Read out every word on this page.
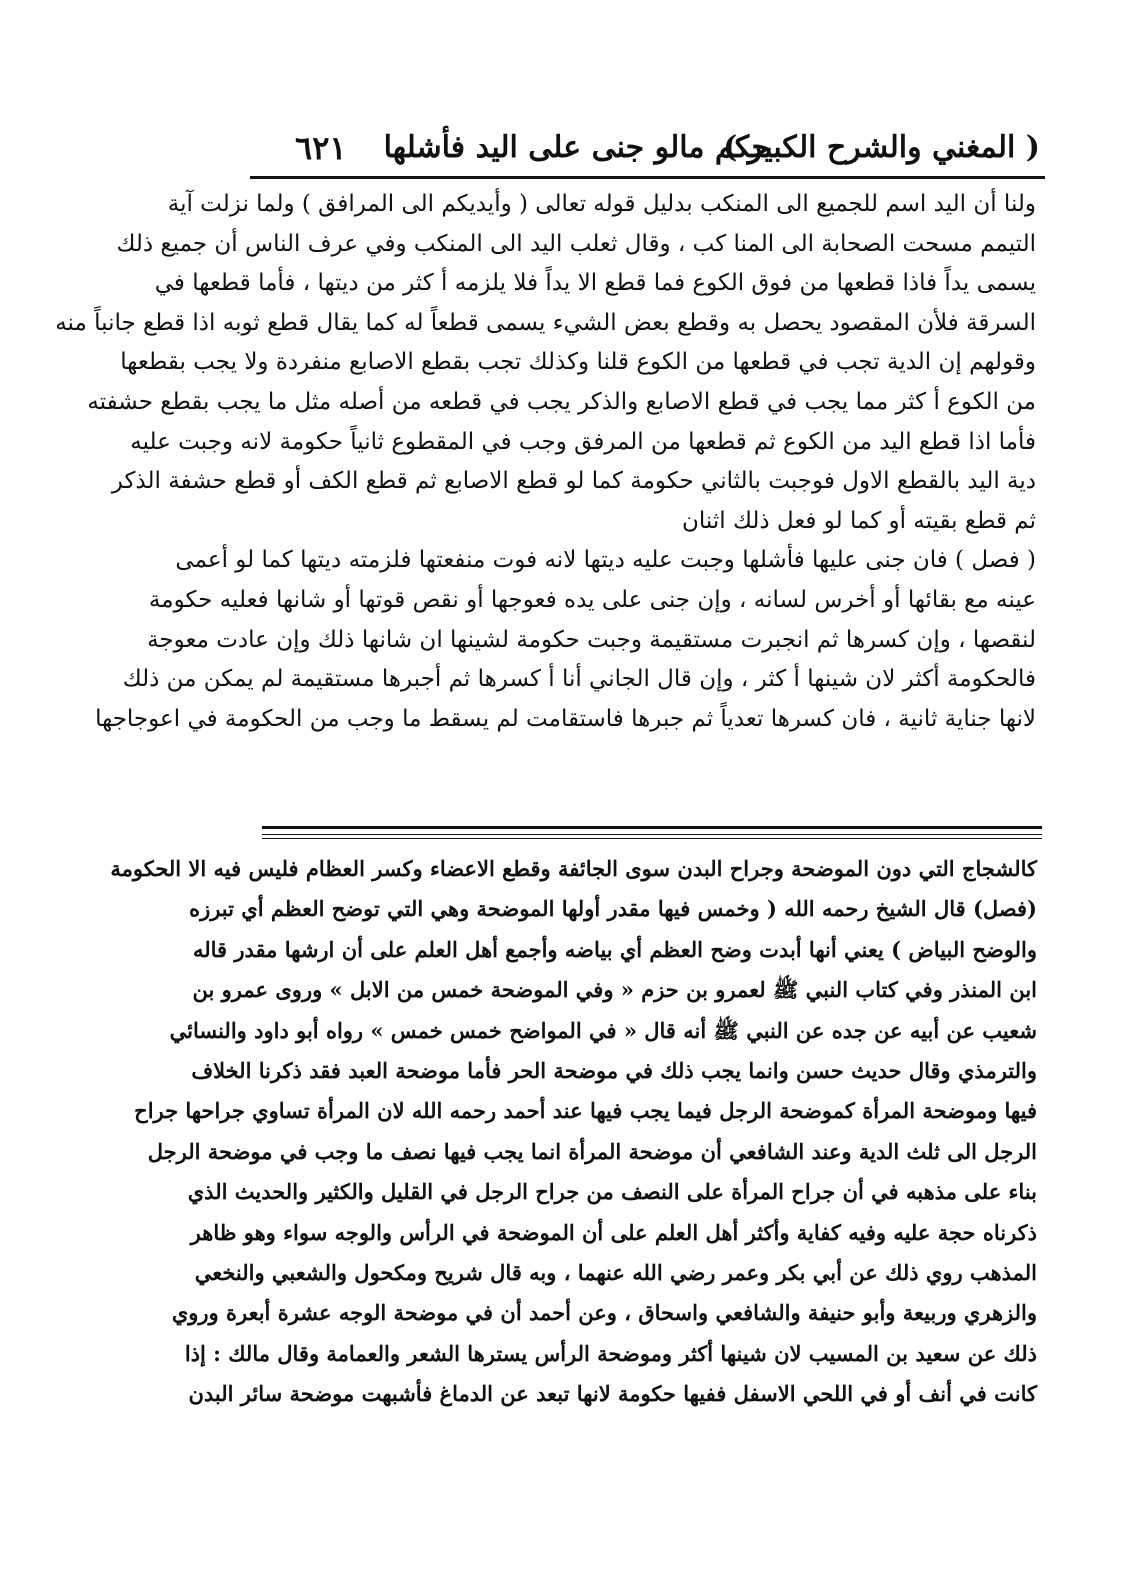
( المغني والشرح الكبير )
حكم مالو جنى على اليد فأشلها
٦٢١
ولنا أن اليد اسم للجميع الى المنكب بدليل قوله تعالى ( وأيديكم الى المرافق ) ولما نزلت آية
التيمم مسحت الصحابة الى المنا كب ، وقال ثعلب اليد الى المنكب وفي عرف الناس أن جميع ذلك
يسمى يداً فاذا قطعها من فوق الكوع فما قطع الا يداً فلا يلزمه أ كثر من ديتها ، فأما قطعها في
السرقة فلأن المقصود يحصل به وقطع بعض الشيء يسمى قطعاً له كما يقال قطع ثوبه اذا قطع جانباً منه
وقولهم إن الدية تجب في قطعها من الكوع قلنا وكذلك تجب بقطع الاصابع منفردة ولا يجب بقطعها
من الكوع أ كثر مما يجب في قطع الاصابع والذكر يجب في قطعه من أصله مثل ما يجب بقطع حشفته
فأما اذا قطع اليد من الكوع ثم قطعها من المرفق وجب في المقطوع ثانياً حكومة لانه وجبت عليه
دية اليد بالقطع الاول فوجبت بالثاني حكومة كما لو قطع الاصابع ثم قطع الكف أو قطع حشفة الذكر
ثم قطع بقيته أو كما لو فعل ذلك اثنان
( فصل ) فان جنى عليها فأشلها وجبت عليه ديتها لانه فوت منفعتها فلزمته ديتها كما لو أعمى
عينه مع بقائها أو أخرس لسانه ، وإن جنى على يده فعوجها أو نقص قوتها أو شانها فعليه حكومة
لنقصها ، وإن كسرها ثم انجبرت مستقيمة وجبت حكومة لشينها ان شانها ذلك وإن عادت معوجة
فالحكومة أكثر لان شينها أ كثر ، وإن قال الجاني أنا أ كسرها ثم أجبرها مستقيمة لم يمكن من ذلك
لانها جناية ثانية ، فان كسرها تعدياً ثم جبرها فاستقامت لم يسقط ما وجب من الحكومة في اعوجاجها
كالشجاج التي دون الموضحة وجراح البدن سوى الجائفة وقطع الاعضاء وكسر العظام فليس فيه الا الحكومة
(فصل) قال الشيخ رحمه الله ( وخمس فيها مقدر أولها الموضحة وهي التي توضح العظم أي تبرزه
والوضح البياض ) يعني أنها أبدت وضح العظم أي بياضه وأجمع أهل العلم على أن ارشها مقدر قاله
ابن المنذر وفي كتاب النبي ﷺ لعمرو بن حزم « وفي الموضحة خمس من الابل » وروى عمرو بن
شعيب عن أبيه عن جده عن النبي ﷺ أنه قال « في المواضح خمس خمس » رواه أبو داود والنسائي
والترمذي وقال حديث حسن وانما يجب ذلك في موضحة الحر فأما موضحة العبد فقد ذكرنا الخلاف
فيها وموضحة المرأة كموضحة الرجل فيما يجب فيها عند أحمد رحمه الله لان المرأة تساوي جراحها جراح
الرجل الى ثلث الدية وعند الشافعي أن موضحة المرأة انما يجب فيها نصف ما وجب في موضحة الرجل
بناء على مذهبه في أن جراح المرأة على النصف من جراح الرجل في القليل والكثير والحديث الذي
ذكرناه حجة عليه وفيه كفاية وأكثر أهل العلم على أن الموضحة في الرأس والوجه سواء وهو ظاهر
المذهب روي ذلك عن أبي بكر وعمر رضي الله عنهما ، وبه قال شريح ومكحول والشعبي والنخعي
والزهري وربيعة وأبو حنيفة والشافعي واسحاق ، وعن أحمد أن في موضحة الوجه عشرة أبعرة وروي
ذلك عن سعيد بن المسيب لان شينها أكثر وموضحة الرأس يسترها الشعر والعمامة وقال مالك : إذا
كانت في أنف أو في اللحي الاسفل ففيها حكومة لانها تبعد عن الدماغ فأشبهت موضحة سائر البدن
